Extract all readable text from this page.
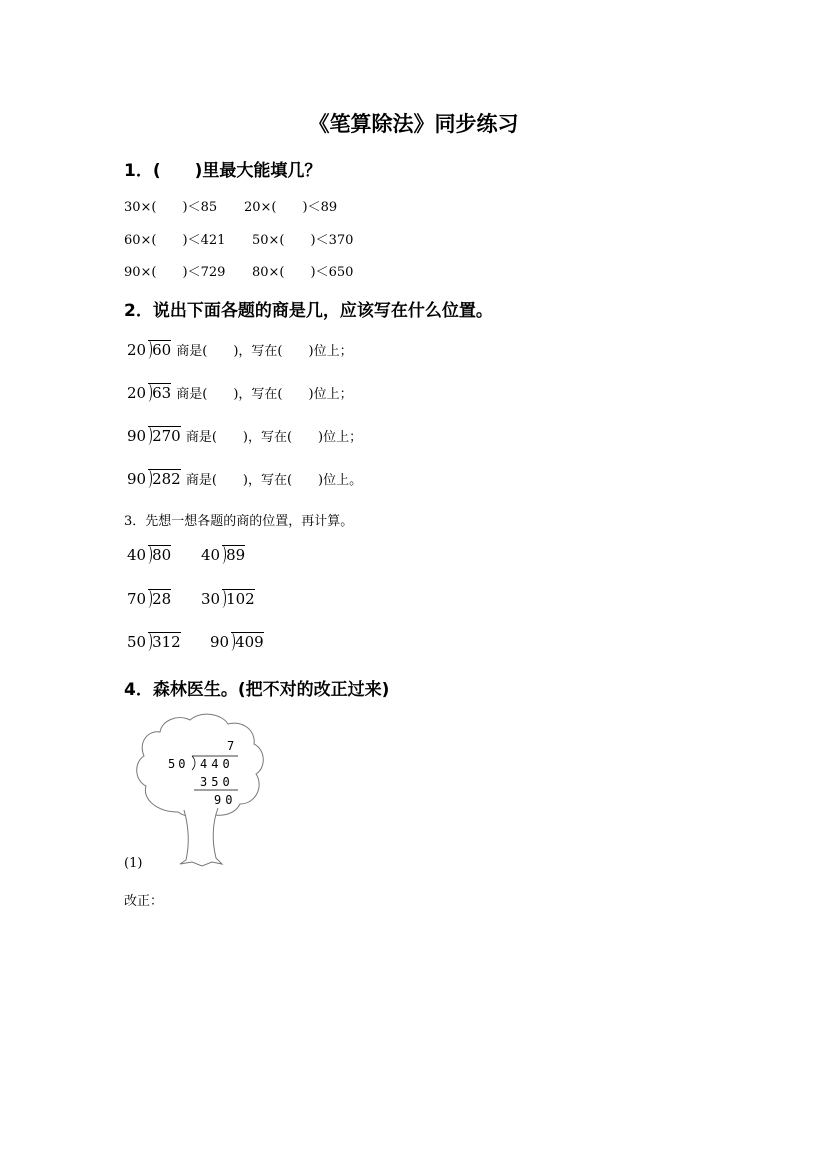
《笔算除法》同步练习
1．(　　)里最大能填几？
30×(　　)＜85 20×(　　)＜89
60×(　　)＜421 50×(　　)＜370
90×(　　)＜729 80×(　　)＜650
2．说出下面各题的商是几，应该写在什么位置。
20 60 商是(　　)，写在(　　)位上；
20 63 商是(　　)，写在(　　)位上；
90 270 商是(　　)，写在(　　)位上；
90 282 商是(　　)，写在(　　)位上。
3．先想一想各题的商的位置，再计算。
40 80 40 89
70 28 30 102
50 312 90 409
4．森林医生。(把不对的改正过来)
7
50 440
350
90
(1)
改正：
